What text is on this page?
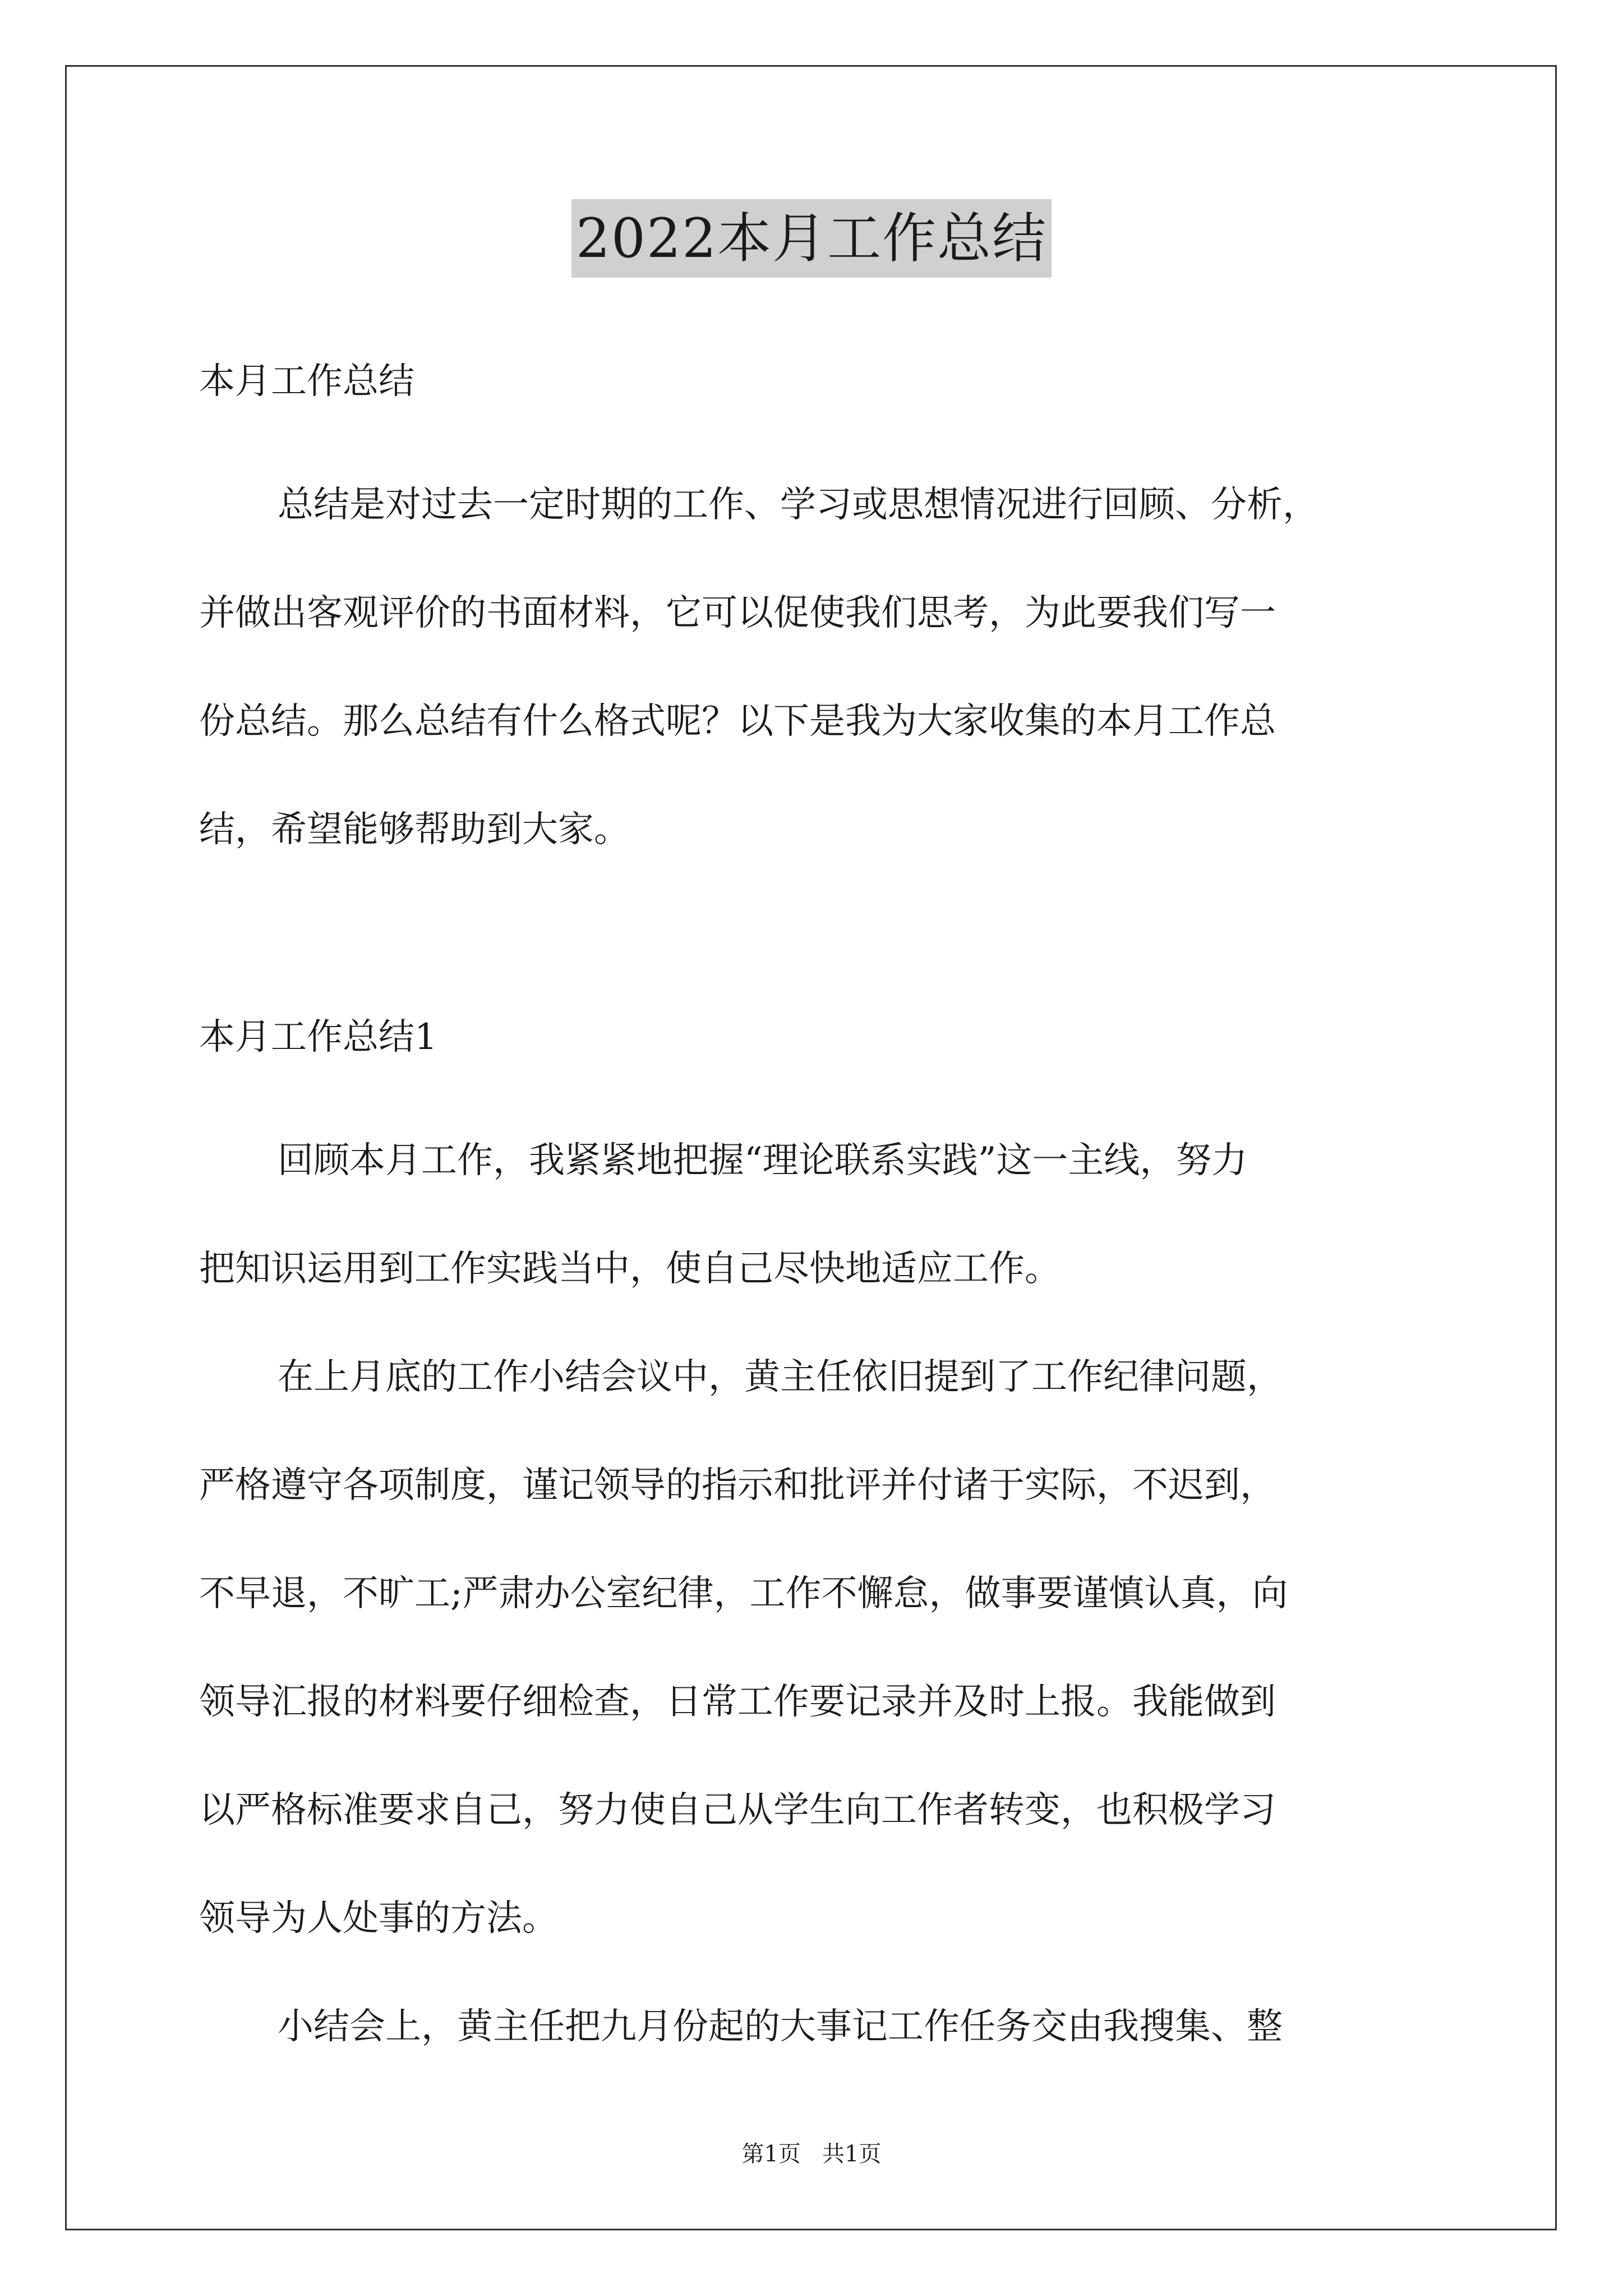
2022本月工作总结
本月工作总结
总结是对过去一定时期的工作、学习或思想情况进行回顾、分析，
并做出客观评价的书面材料，它可以促使我们思考，为此要我们写一
份总结。那么总结有什么格式呢？以下是我为大家收集的本月工作总
结，希望能够帮助到大家。
本月工作总结1
回顾本月工作，我紧紧地把握“理论联系实践”这一主线，努力
把知识运用到工作实践当中，使自己尽快地适应工作。
在上月底的工作小结会议中，黄主任依旧提到了工作纪律问题，
严格遵守各项制度，谨记领导的指示和批评并付诸于实际，不迟到，
不早退，不旷工;严肃办公室纪律，工作不懈怠，做事要谨慎认真，向
领导汇报的材料要仔细检查，日常工作要记录并及时上报。我能做到
以严格标准要求自己，努力使自己从学生向工作者转变，也积极学习
领导为人处事的方法。
小结会上，黄主任把九月份起的大事记工作任务交由我搜集、整
第1页   共1页
